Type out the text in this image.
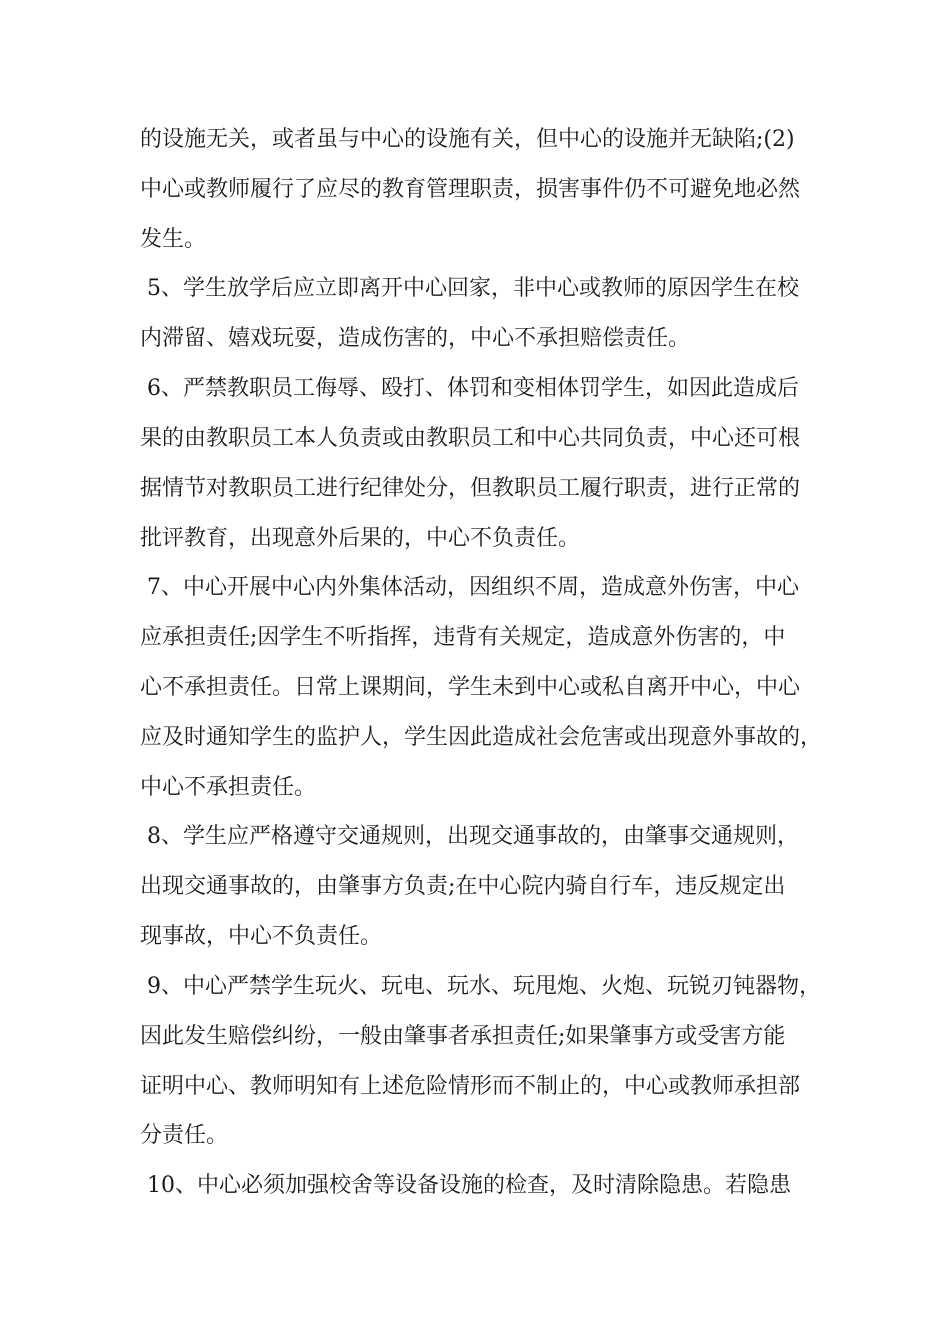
的设施无关，或者虽与中心的设施有关，但中心的设施并无缺陷;(2)
中心或教师履行了应尽的教育管理职责，损害事件仍不可避免地必然
发生。
5、学生放学后应立即离开中心回家，非中心或教师的原因学生在校
内滞留、嬉戏玩耍，造成伤害的，中心不承担赔偿责任。
6、严禁教职员工侮辱、殴打、体罚和变相体罚学生，如因此造成后
果的由教职员工本人负责或由教职员工和中心共同负责，中心还可根
据情节对教职员工进行纪律处分，但教职员工履行职责，进行正常的
批评教育，出现意外后果的，中心不负责任。
7、中心开展中心内外集体活动，因组织不周，造成意外伤害，中心
应承担责任;因学生不听指挥，违背有关规定，造成意外伤害的，中
心不承担责任。日常上课期间，学生未到中心或私自离开中心，中心
应及时通知学生的监护人，学生因此造成社会危害或出现意外事故的，
中心不承担责任。
8、学生应严格遵守交通规则，出现交通事故的，由肇事交通规则，
出现交通事故的，由肇事方负责;在中心院内骑自行车，违反规定出
现事故，中心不负责任。
9、中心严禁学生玩火、玩电、玩水、玩甩炮、火炮、玩锐刃钝器物，
因此发生赔偿纠纷，一般由肇事者承担责任;如果肇事方或受害方能
证明中心、教师明知有上述危险情形而不制止的，中心或教师承担部
分责任。
10、中心必须加强校舍等设备设施的检查，及时清除隐患。若隐患
